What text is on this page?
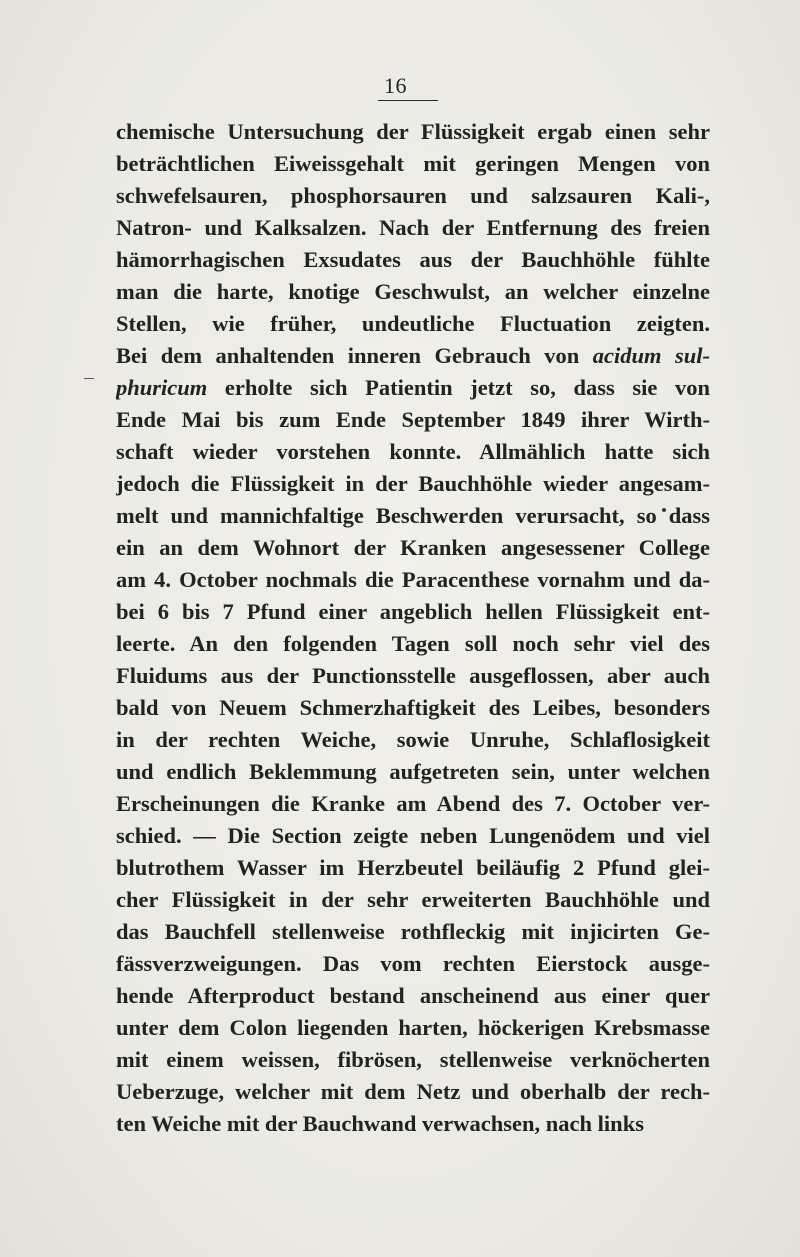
16
chemische Untersuchung der Flüssigkeit ergab einen sehr
beträchtlichen Eiweissgehalt mit geringen Mengen von
schwefelsauren, phosphorsauren und salzsauren Kali-,
Natron- und Kalksalzen. Nach der Entfernung des freien
hämorrhagischen Exsudates aus der Bauchhöhle fühlte
man die harte, knotige Geschwulst, an welcher einzelne
Stellen, wie früher, undeutliche Fluctuation zeigten.
Bei dem anhaltenden inneren Gebrauch von acidum sul-
phuricum erholte sich Patientin jetzt so, dass sie von
Ende Mai bis zum Ende September 1849 ihrer Wirth-
schaft wieder vorstehen konnte. Allmählich hatte sich
jedoch die Flüssigkeit in der Bauchhöhle wieder angesam-
melt und mannichfaltige Beschwerden verursacht, so dass
ein an dem Wohnort der Kranken angesessener College
am 4. October nochmals die Paracenthese vornahm und da-
bei 6 bis 7 Pfund einer angeblich hellen Flüssigkeit ent-
leerte. An den folgenden Tagen soll noch sehr viel des
Fluidums aus der Punctionsstelle ausgeflossen, aber auch
bald von Neuem Schmerzhaftigkeit des Leibes, besonders
in der rechten Weiche, sowie Unruhe, Schlaflosigkeit
und endlich Beklemmung aufgetreten sein, unter welchen
Erscheinungen die Kranke am Abend des 7. October ver-
schied. — Die Section zeigte neben Lungenödem und viel
blutrothem Wasser im Herzbeutel beiläufig 2 Pfund glei-
cher Flüssigkeit in der sehr erweiterten Bauchhöhle und
das Bauchfell stellenweise rothfleckig mit injicirten Ge-
fässverzweigungen. Das vom rechten Eierstock ausge-
hende Afterproduct bestand anscheinend aus einer quer
unter dem Colon liegenden harten, höckerigen Krebsmasse
mit einem weissen, fibrösen, stellenweise verknöcherten
Ueberzuge, welcher mit dem Netz und oberhalb der rech-
ten Weiche mit der Bauchwand verwachsen, nach links
